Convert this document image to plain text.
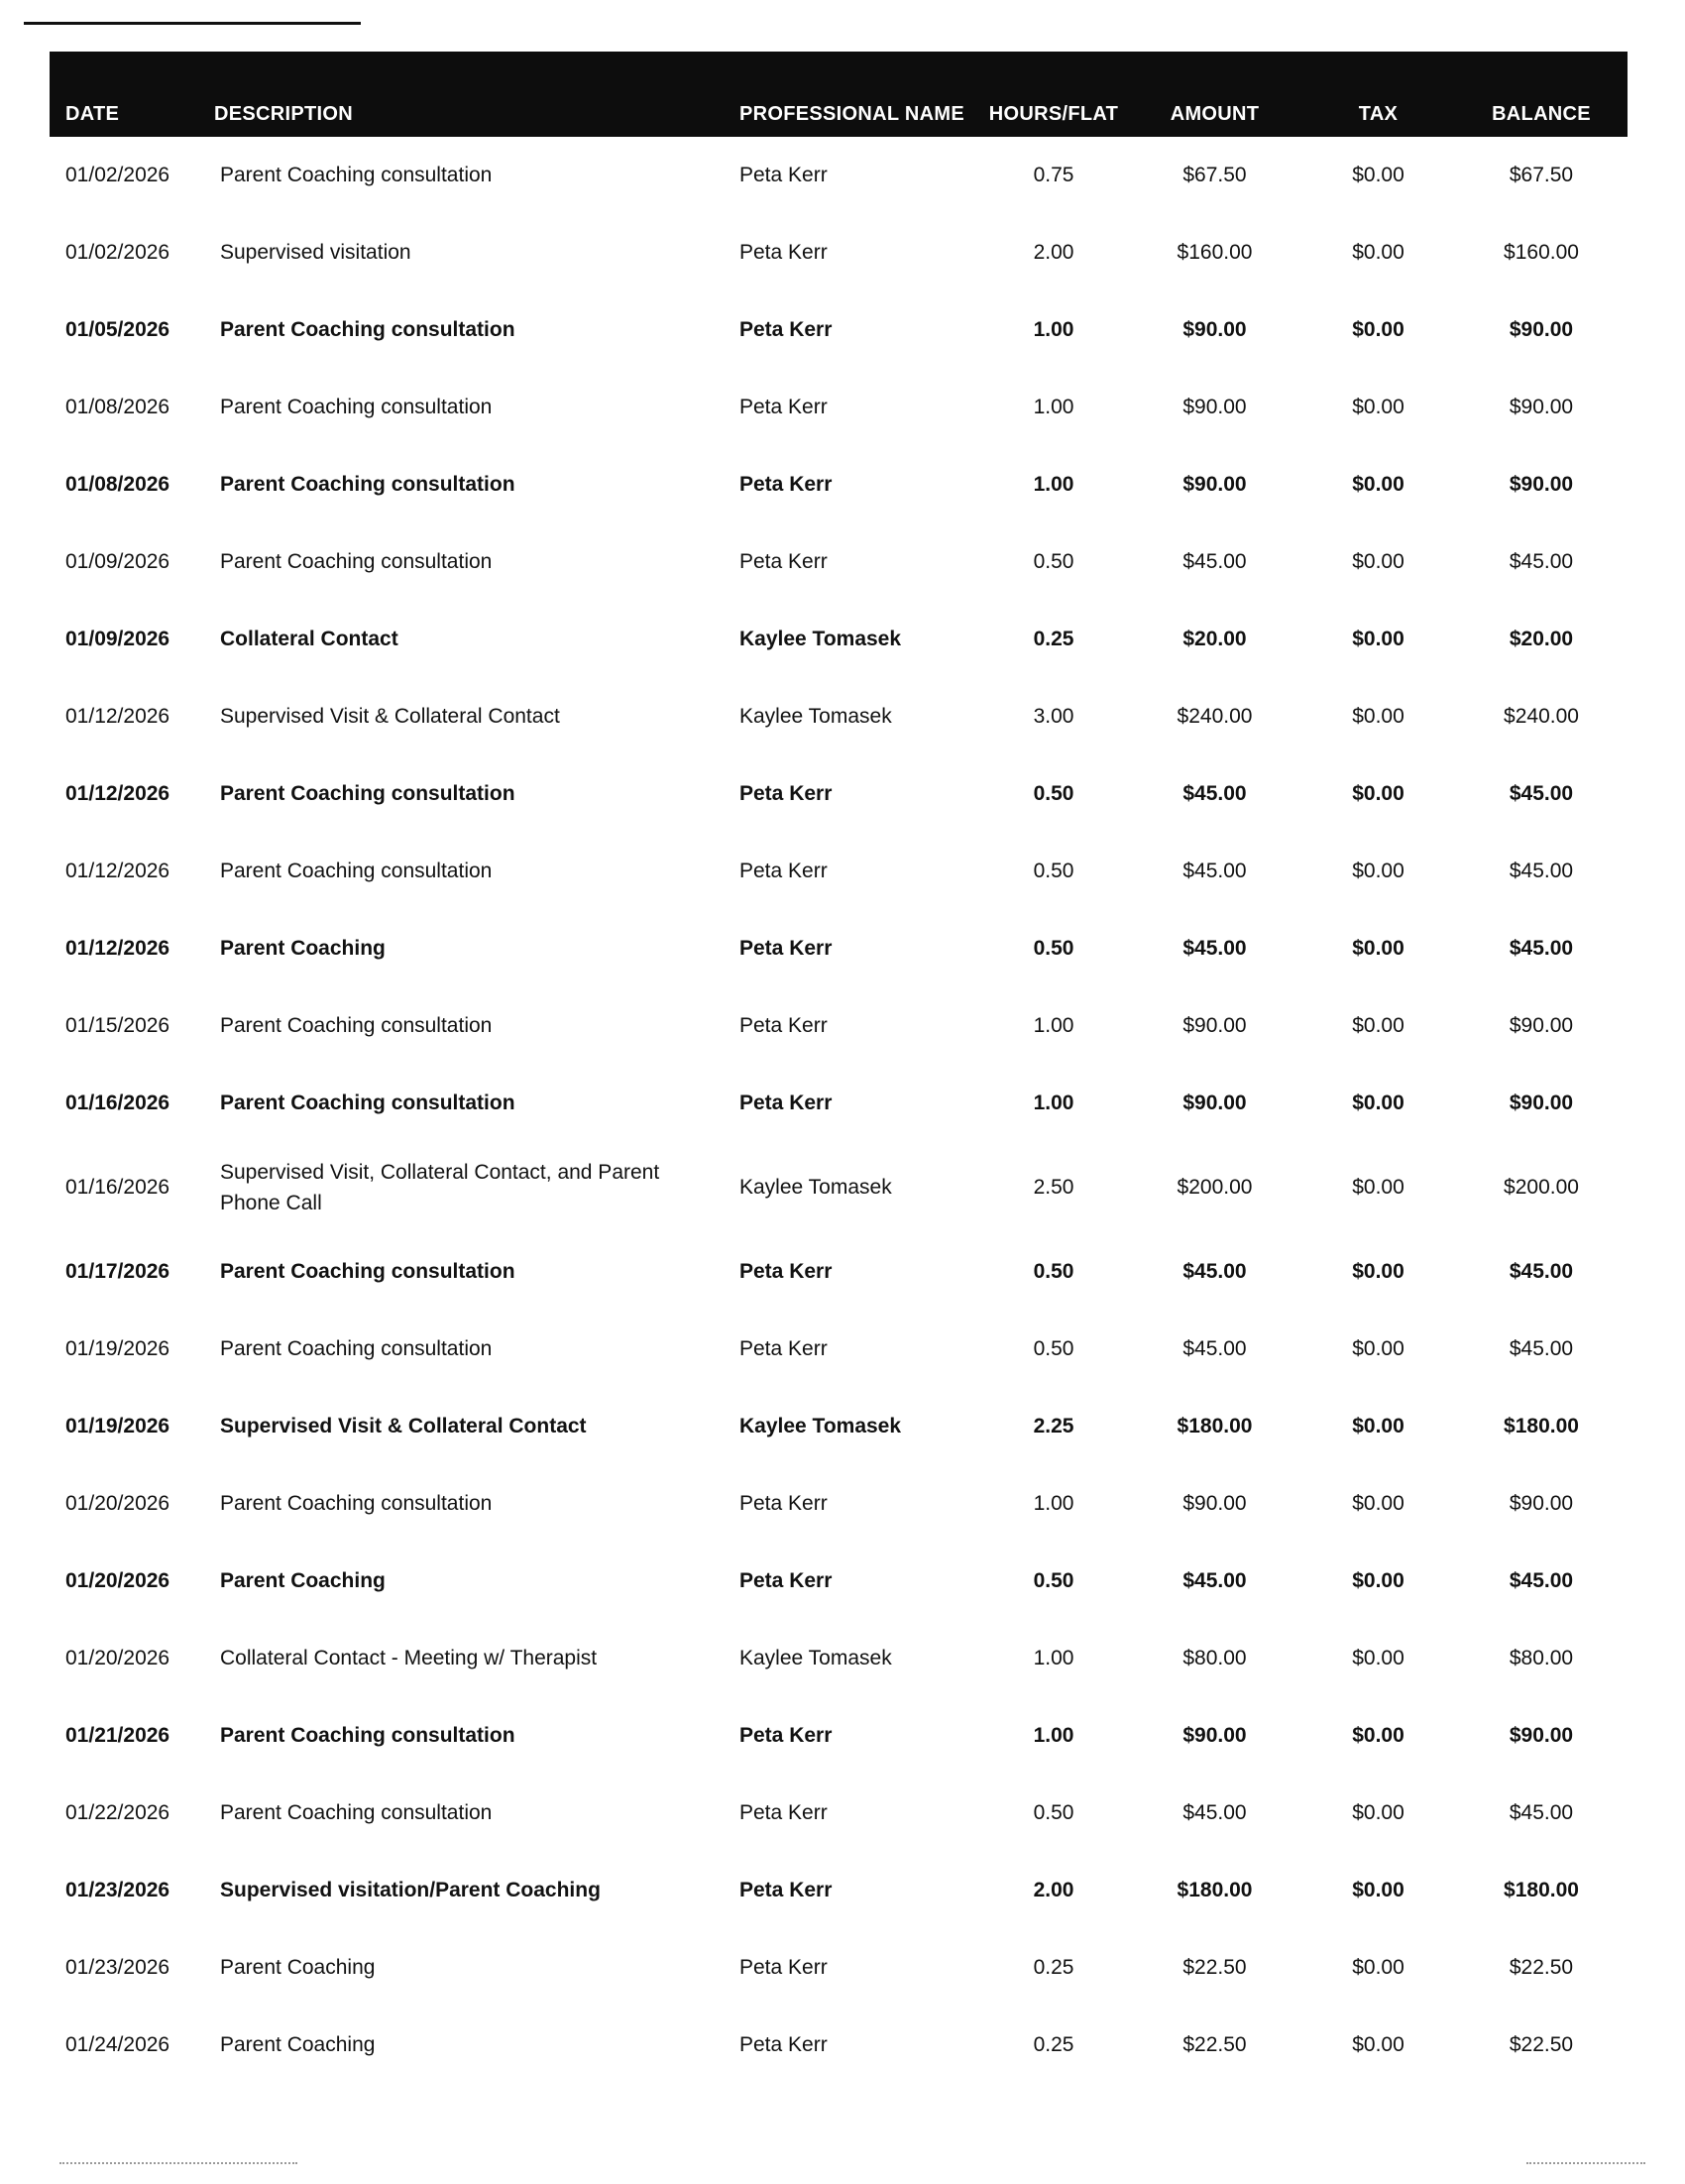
DATE	DESCRIPTION	PROFESSIONAL NAME	HOURS/FLAT	AMOUNT	TAX	BALANCE
01/02/2026	Parent Coaching consultation	Peta Kerr	0.75	$67.50	$0.00	$67.50
01/02/2026	Supervised visitation	Peta Kerr	2.00	$160.00	$0.00	$160.00
01/05/2026	Parent Coaching consultation	Peta Kerr	1.00	$90.00	$0.00	$90.00
01/08/2026	Parent Coaching consultation	Peta Kerr	1.00	$90.00	$0.00	$90.00
01/08/2026	Parent Coaching consultation	Peta Kerr	1.00	$90.00	$0.00	$90.00
01/09/2026	Parent Coaching consultation	Peta Kerr	0.50	$45.00	$0.00	$45.00
01/09/2026	Collateral Contact	Kaylee Tomasek	0.25	$20.00	$0.00	$20.00
01/12/2026	Supervised Visit & Collateral Contact	Kaylee Tomasek	3.00	$240.00	$0.00	$240.00
01/12/2026	Parent Coaching consultation	Peta Kerr	0.50	$45.00	$0.00	$45.00
01/12/2026	Parent Coaching consultation	Peta Kerr	0.50	$45.00	$0.00	$45.00
01/12/2026	Parent Coaching	Peta Kerr	0.50	$45.00	$0.00	$45.00
01/15/2026	Parent Coaching consultation	Peta Kerr	1.00	$90.00	$0.00	$90.00
01/16/2026	Parent Coaching consultation	Peta Kerr	1.00	$90.00	$0.00	$90.00
01/16/2026	Supervised Visit, Collateral Contact, and Parent Phone Call	Kaylee Tomasek	2.50	$200.00	$0.00	$200.00
01/17/2026	Parent Coaching consultation	Peta Kerr	0.50	$45.00	$0.00	$45.00
01/19/2026	Parent Coaching consultation	Peta Kerr	0.50	$45.00	$0.00	$45.00
01/19/2026	Supervised Visit & Collateral Contact	Kaylee Tomasek	2.25	$180.00	$0.00	$180.00
01/20/2026	Parent Coaching consultation	Peta Kerr	1.00	$90.00	$0.00	$90.00
01/20/2026	Parent Coaching	Peta Kerr	0.50	$45.00	$0.00	$45.00
01/20/2026	Collateral Contact - Meeting w/ Therapist	Kaylee Tomasek	1.00	$80.00	$0.00	$80.00
01/21/2026	Parent Coaching consultation	Peta Kerr	1.00	$90.00	$0.00	$90.00
01/22/2026	Parent Coaching consultation	Peta Kerr	0.50	$45.00	$0.00	$45.00
01/23/2026	Supervised visitation/Parent Coaching	Peta Kerr	2.00	$180.00	$0.00	$180.00
01/23/2026	Parent Coaching	Peta Kerr	0.25	$22.50	$0.00	$22.50
01/24/2026	Parent Coaching	Peta Kerr	0.25	$22.50	$0.00	$22.50
